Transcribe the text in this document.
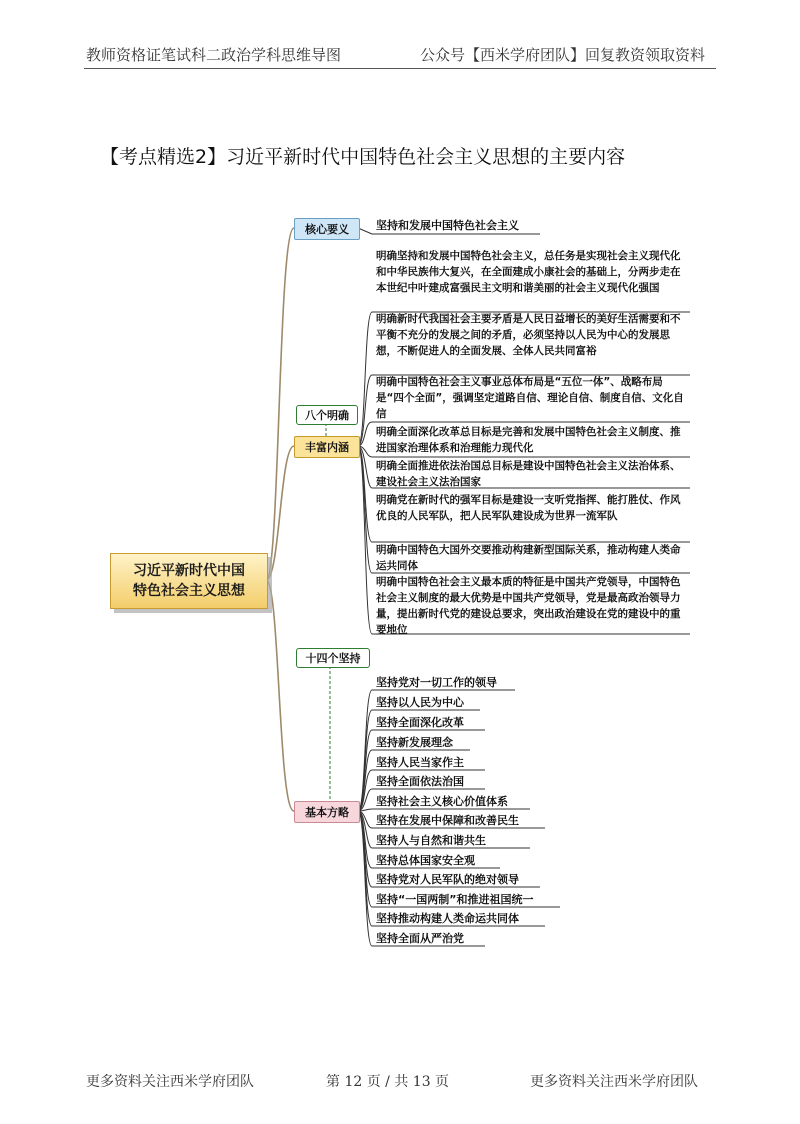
教师资格证笔试科二政治学科思维导图	公众号【西米学府团队】回复教资领取资料
【考点精选2】习近平新时代中国特色社会主义思想的主要内容
习近平新时代中国
特色社会主义思想
核心要义
八个明确
丰富内涵
十四个坚持
基本方略
坚持和发展中国特色社会主义
明确坚持和发展中国特色社会主义，总任务是实现社会主义现代化和中华民族伟大复兴，在全面建成小康社会的基础上，分两步走在本世纪中叶建成富强民主文明和谐美丽的社会主义现代化强国
明确新时代我国社会主要矛盾是人民日益增长的美好生活需要和不平衡不充分的发展之间的矛盾，必须坚持以人民为中心的发展思想，不断促进人的全面发展、全体人民共同富裕
明确中国特色社会主义事业总体布局是“五位一体”、战略布局是“四个全面”，强调坚定道路自信、理论自信、制度自信、文化自信
明确全面深化改革总目标是完善和发展中国特色社会主义制度、推进国家治理体系和治理能力现代化
明确全面推进依法治国总目标是建设中国特色社会主义法治体系、建设社会主义法治国家
明确党在新时代的强军目标是建设一支听党指挥、能打胜仗、作风优良的人民军队，把人民军队建设成为世界一流军队
明确中国特色大国外交要推动构建新型国际关系，推动构建人类命运共同体
明确中国特色社会主义最本质的特征是中国共产党领导，中国特色社会主义制度的最大优势是中国共产党领导，党是最高政治领导力量，提出新时代党的建设总要求，突出政治建设在党的建设中的重要地位
坚持党对一切工作的领导
坚持以人民为中心
坚持全面深化改革
坚持新发展理念
坚持人民当家作主
坚持全面依法治国
坚持社会主义核心价值体系
坚持在发展中保障和改善民生
坚持人与自然和谐共生
坚持总体国家安全观
坚持党对人民军队的绝对领导
坚持“一国两制”和推进祖国统一
坚持推动构建人类命运共同体
坚持全面从严治党
更多资料关注西米学府团队	第 12 页 / 共 13 页	更多资料关注西米学府团队
